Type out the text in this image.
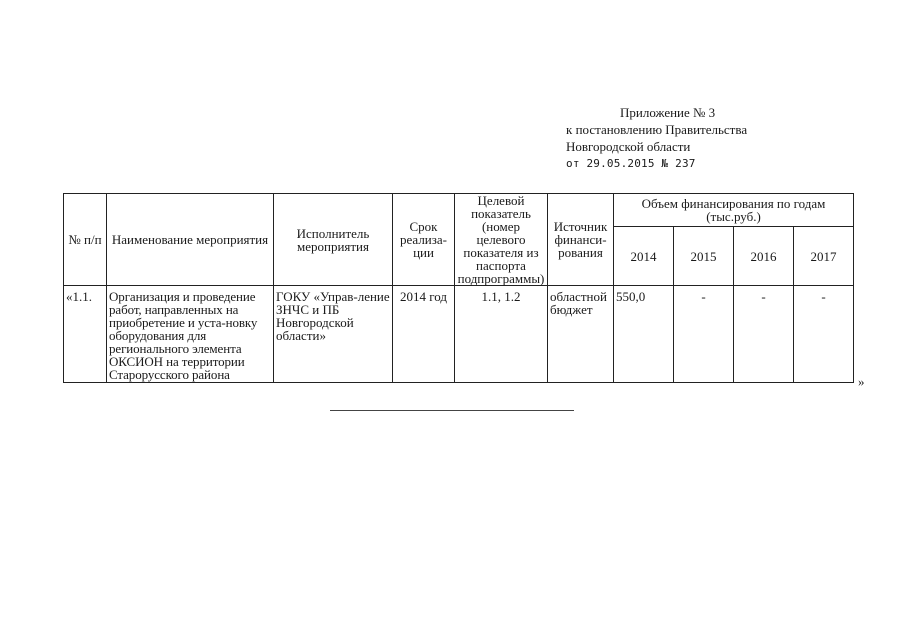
Приложение № 3
к постановлению Правительства
Новгородской области
от 29.05.2015 № 237
№ п/п	Наименование мероприятия	Исполнитель мероприятия	Срок реализа-ции	Целевой показатель (номер целевого показателя из паспорта подпрограммы)	Источник финанси-рования	Объем финансирования по годам (тыс.руб.)			
						2014	2015	2016	2017
«1.1.	Организация и проведение работ, направленных на приобретение и уста-новку оборудования для регионального элемента ОКСИОН на территории Старорусского района	ГОКУ «Управ-ление ЗНЧС и ПБ Новгородской области»	2014 год	1.1, 1.2	областной бюджет	550,0	-	-	-
»
